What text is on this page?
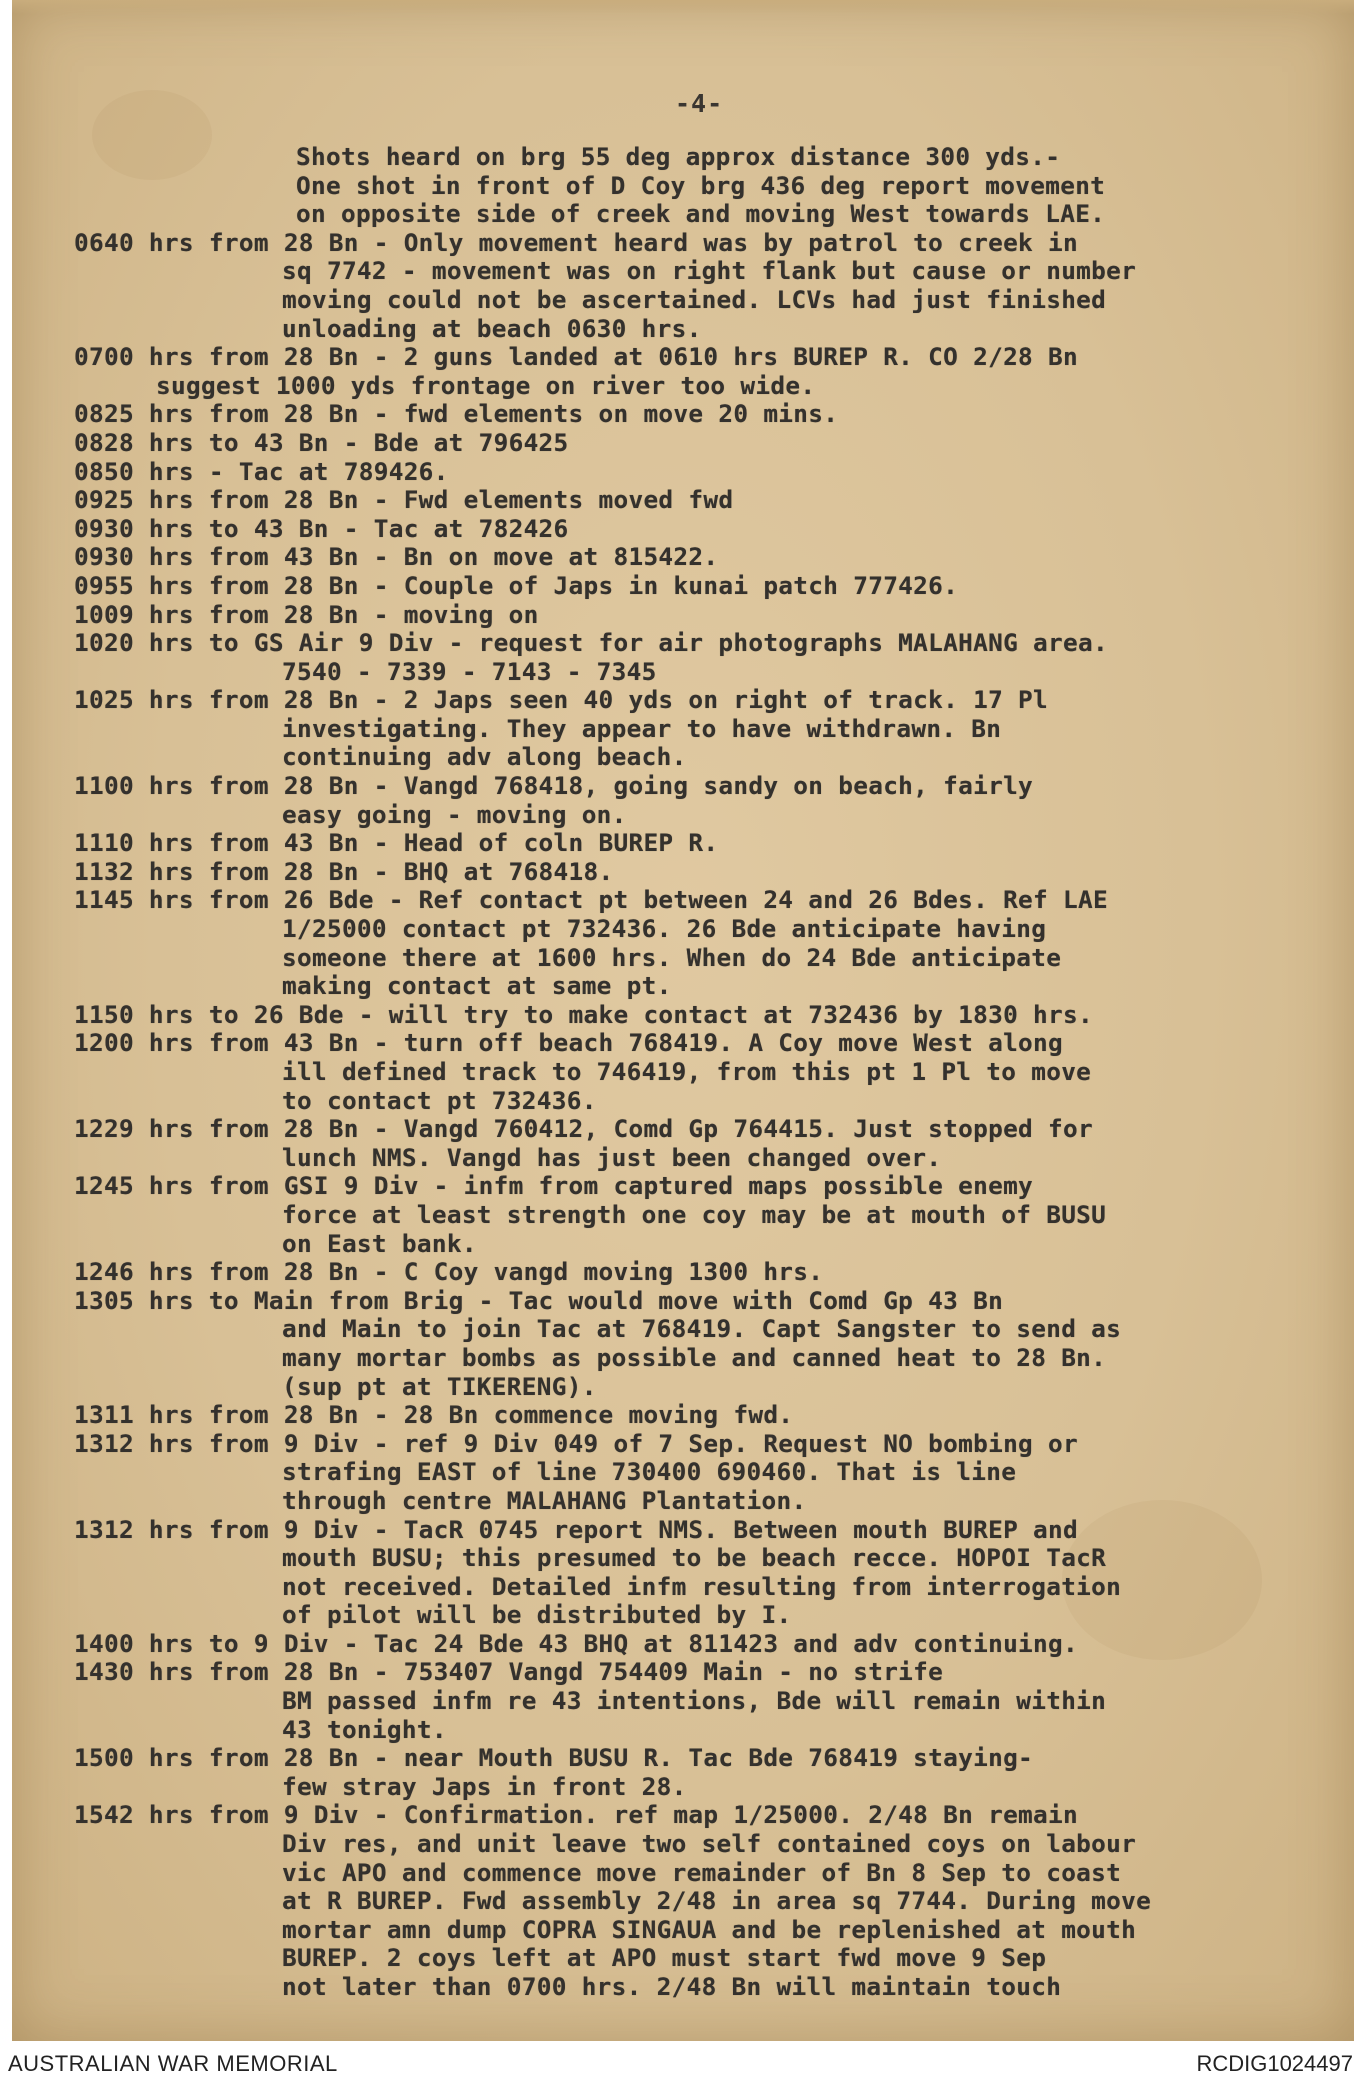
-4-
Shots heard on brg 55 deg approx distance 300 yds.-
One shot in front of D Coy brg 436 deg report movement
on opposite side of creek and moving West towards LAE.
0640 hrs from 28 Bn - Only movement heard was by patrol to creek in
sq 7742 - movement was on right flank but cause or number
moving could not be ascertained. LCVs had just finished
unloading at beach 0630 hrs.
0700 hrs from 28 Bn - 2 guns landed at 0610 hrs BUREP R. CO 2/28 Bn
suggest 1000 yds frontage on river too wide.
0825 hrs from 28 Bn - fwd elements on move 20 mins.
0828 hrs to 43 Bn - Bde at 796425
0850 hrs - Tac at 789426.
0925 hrs from 28 Bn - Fwd elements moved fwd
0930 hrs to 43 Bn - Tac at 782426
0930 hrs from 43 Bn - Bn on move at 815422.
0955 hrs from 28 Bn - Couple of Japs in kunai patch 777426.
1009 hrs from 28 Bn - moving on
1020 hrs to GS Air 9 Div - request for air photographs MALAHANG area.
7540 - 7339 - 7143 - 7345
1025 hrs from 28 Bn - 2 Japs seen 40 yds on right of track. 17 Pl
investigating. They appear to have withdrawn. Bn
continuing adv along beach.
1100 hrs from 28 Bn - Vangd 768418, going sandy on beach, fairly
easy going - moving on.
1110 hrs from 43 Bn - Head of coln BUREP R.
1132 hrs from 28 Bn - BHQ at 768418.
1145 hrs from 26 Bde - Ref contact pt between 24 and 26 Bdes. Ref LAE
1/25000 contact pt 732436. 26 Bde anticipate having
someone there at 1600 hrs. When do 24 Bde anticipate
making contact at same pt.
1150 hrs to 26 Bde - will try to make contact at 732436 by 1830 hrs.
1200 hrs from 43 Bn - turn off beach 768419. A Coy move West along
ill defined track to 746419, from this pt 1 Pl to move
to contact pt 732436.
1229 hrs from 28 Bn - Vangd 760412, Comd Gp 764415. Just stopped for
lunch NMS. Vangd has just been changed over.
1245 hrs from GSI 9 Div - infm from captured maps possible enemy
force at least strength one coy may be at mouth of BUSU
on East bank.
1246 hrs from 28 Bn - C Coy vangd moving 1300 hrs.
1305 hrs to Main from Brig - Tac would move with Comd Gp 43 Bn
and Main to join Tac at 768419. Capt Sangster to send as
many mortar bombs as possible and canned heat to 28 Bn.
(sup pt at TIKERENG).
1311 hrs from 28 Bn - 28 Bn commence moving fwd.
1312 hrs from 9 Div - ref 9 Div 049 of 7 Sep. Request NO bombing or
strafing EAST of line 730400 690460. That is line
through centre MALAHANG Plantation.
1312 hrs from 9 Div - TacR 0745 report NMS. Between mouth BUREP and
mouth BUSU; this presumed to be beach recce. HOPOI TacR
not received. Detailed infm resulting from interrogation
of pilot will be distributed by I.
1400 hrs to 9 Div - Tac 24 Bde 43 BHQ at 811423 and adv continuing.
1430 hrs from 28 Bn - 753407 Vangd 754409 Main - no strife
BM passed infm re 43 intentions, Bde will remain within
43 tonight.
1500 hrs from 28 Bn - near Mouth BUSU R. Tac Bde 768419 staying-
few stray Japs in front 28.
1542 hrs from 9 Div - Confirmation. ref map 1/25000. 2/48 Bn remain
Div res, and unit leave two self contained coys on labour
vic APO and commence move remainder of Bn 8 Sep to coast
at R BUREP. Fwd assembly 2/48 in area sq 7744. During move
mortar amn dump COPRA SINGAUA and be replenished at mouth
BUREP. 2 coys left at APO must start fwd move 9 Sep
not later than 0700 hrs. 2/48 Bn will maintain touch
AUSTRALIAN WAR MEMORIAL	RCDIG1024497
